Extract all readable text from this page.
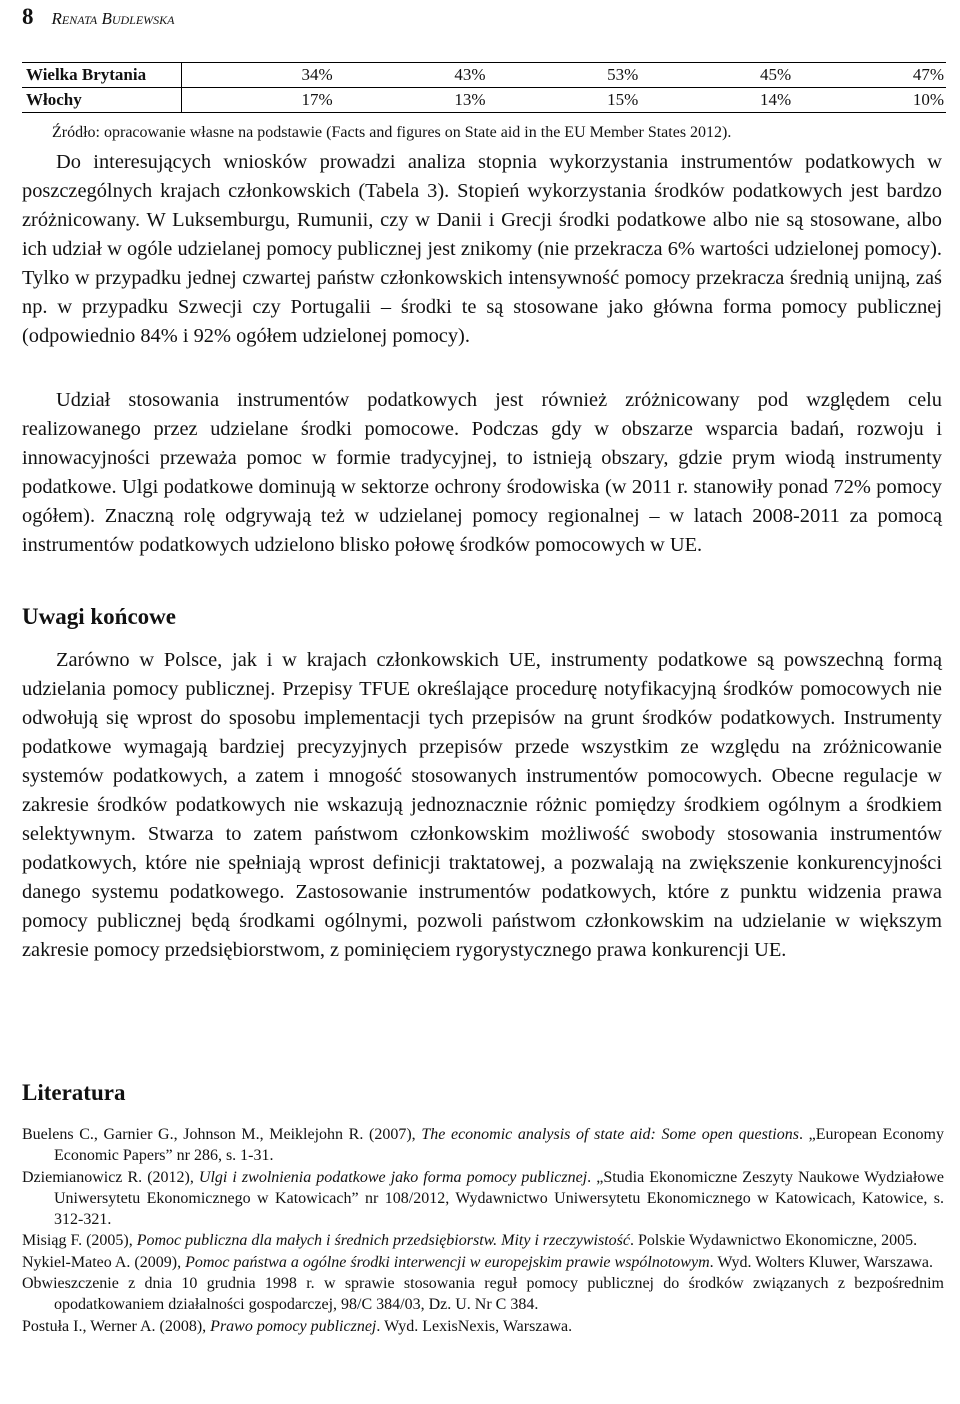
8 Renata Budlewska
Wielka Brytania	34%	43%	53%	45%	47%
Włochy	17%	13%	15%	14%	10%
Źródło: opracowanie własne na podstawie (Facts and figures on State aid in the EU Member States 2012).

Do interesujących wniosków prowadzi analiza stopnia wykorzystania instrumentów podatkowych w poszczególnych krajach członkowskich (Tabela 3). Stopień wykorzystania środków podatkowych jest bardzo zróżnicowany. W Luksemburgu, Rumunii, czy w Danii i Grecji środki podatkowe albo nie są stosowane, albo ich udział w ogóle udzielanej pomocy publicznej jest znikomy (nie przekracza 6% wartości udzielonej pomocy). Tylko w przypadku jednej czwartej państw członkowskich intensywność pomocy przekracza średnią unijną, zaś np. w przypadku Szwecji czy Portugalii – środki te są stosowane jako główna forma pomocy publicznej (odpowiednio 84% i 92% ogółem udzielonej pomocy).

Udział stosowania instrumentów podatkowych jest również zróżnicowany pod względem celu realizowanego przez udzielane środki pomocowe. Podczas gdy w obszarze wsparcia badań, rozwoju i innowacyjności przeważa pomoc w formie tradycyjnej, to istnieją obszary, gdzie prym wiodą instrumenty podatkowe. Ulgi podatkowe dominują w sektorze ochrony środowiska (w 2011 r. stanowiły ponad 72% pomocy ogółem). Znaczną rolę odgrywają też w udzielanej pomocy regionalnej – w latach 2008-2011 za pomocą instrumentów podatkowych udzielono blisko połowę środków pomocowych w UE.

Uwagi końcowe

Zarówno w Polsce, jak i w krajach członkowskich UE, instrumenty podatkowe są powszechną formą udzielania pomocy publicznej. Przepisy TFUE określające procedurę notyfikacyjną środków pomocowych nie odwołują się wprost do sposobu implementacji tych przepisów na grunt środków podatkowych. Instrumenty podatkowe wymagają bardziej precyzyjnych przepisów przede wszystkim ze względu na zróżnicowanie systemów podatkowych, a zatem i mnogość stosowanych instrumentów pomocowych. Obecne regulacje w zakresie środków podatkowych nie wskazują jednoznacznie różnic pomiędzy środkiem ogólnym a środkiem selektywnym. Stwarza to zatem państwom członkowskim możliwość swobody stosowania instrumentów podatkowych, które nie spełniają wprost definicji traktatowej, a pozwalają na zwiększenie konkurencyjności danego systemu podatkowego. Zastosowanie instrumentów podatkowych, które z punktu widzenia prawa pomocy publicznej będą środkami ogólnymi, pozwoli państwom członkowskim na udzielanie w większym zakresie pomocy przedsiębiorstwom, z pominięciem rygorystycznego prawa konkurencji UE.

Literatura

Buelens C., Garnier G., Johnson M., Meiklejohn R. (2007), The economic analysis of state aid: Some open questions. „European Economy Economic Papers” nr 286, s. 1-31.

Dziemianowicz R. (2012), Ulgi i zwolnienia podatkowe jako forma pomocy publicznej. „Studia Ekonomiczne Zeszyty Naukowe Wydziałowe Uniwersytetu Ekonomicznego w Katowicach” nr 108/2012, Wydawnictwo Uniwersytetu Ekonomicznego w Katowicach, Katowice, s. 312-321.

Misiąg F. (2005), Pomoc publiczna dla małych i średnich przedsiębiorstw. Mity i rzeczywistość. Polskie Wydawnictwo Ekonomiczne, 2005.

Nykiel-Mateo A. (2009), Pomoc państwa a ogólne środki interwencji w europejskim prawie wspólnotowym. Wyd. Wolters Kluwer, Warszawa.

Obwieszczenie z dnia 10 grudnia 1998 r. w sprawie stosowania reguł pomocy publicznej do środków związanych z bezpośrednim opodatkowaniem działalności gospodarczej, 98/C 384/03, Dz. U. Nr C 384.

Postuła I., Werner A. (2008), Prawo pomocy publicznej. Wyd. LexisNexis, Warszawa.
